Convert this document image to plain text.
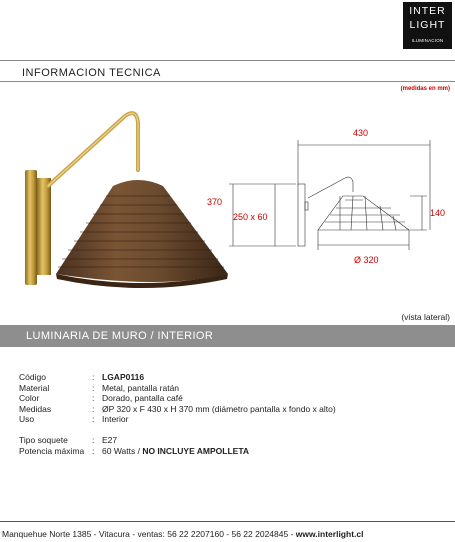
INTER
LIGHT
ILUMINACION
INFORMACION TECNICA
(medidas en mm)
430
370
250 x 60	140
Ø 320
(vista lateral)
LUMINARIA DE MURO / INTERIOR
Código	: LGAP0116
Material	: Metal, pantalla ratán
Color	: Dorado, pantalla café
Medidas	: ØP 320 x F 430 x H 370 mm (diámetro pantalla x fondo x alto)
Uso	: Interior
Tipo soquete	: E27
Potencia máxima : 60 Watts / NO INCLUYE AMPOLLETA
Manquehue Norte 1385 - Vitacura - ventas: 56 22 2207160 - 56 22 2024845 - www.interlight.cl
